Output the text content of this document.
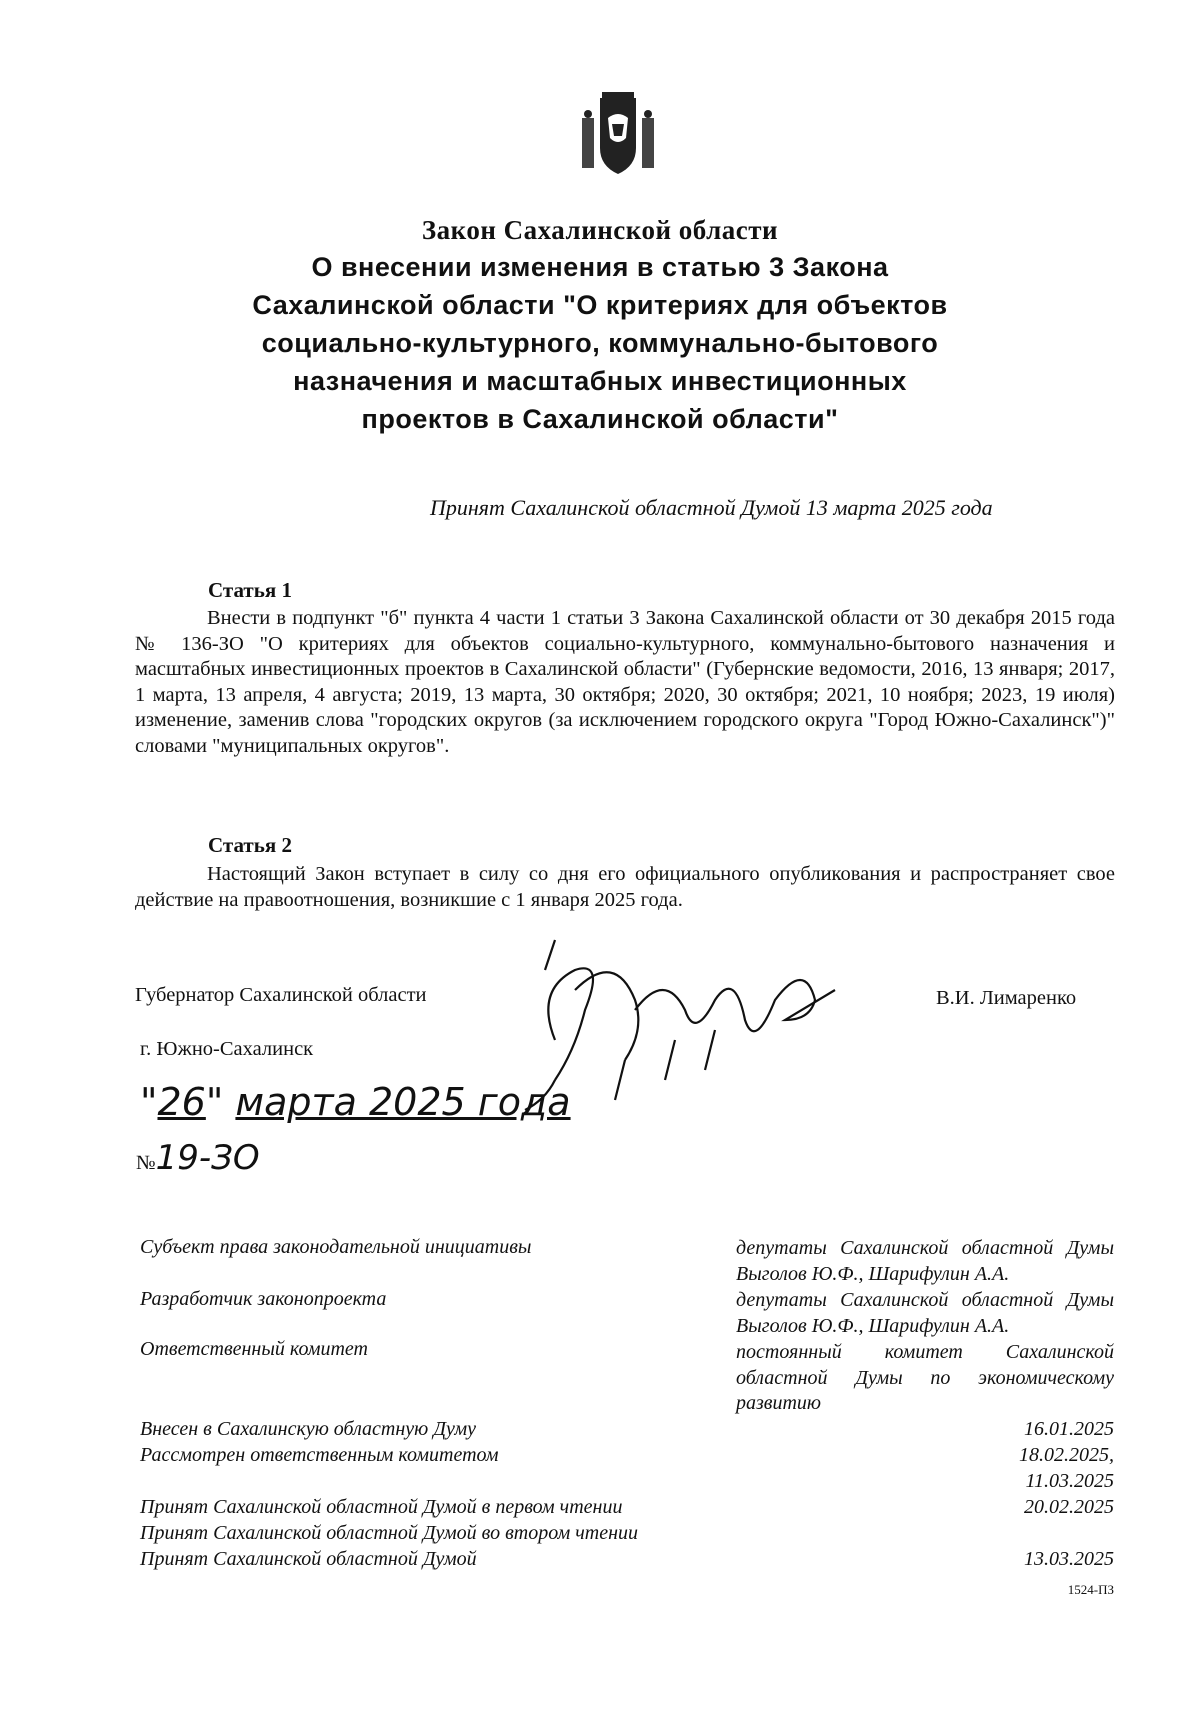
Закон Сахалинской области
О внесении изменения в статью 3 Закона
Сахалинской области "О критериях для объектов
социально-культурного, коммунально-бытового
назначения и масштабных инвестиционных
проектов в Сахалинской области"
Принят Сахалинской областной Думой 13 марта 2025 года
Статья 1
Внести в подпункт "б" пункта 4 части 1 статьи 3 Закона Сахалинской области от 30 декабря 2015 года № 136-ЗО "О критериях для объектов социально-культурного, коммунально-бытового назначения и масштабных инвестиционных проектов в Сахалинской области" (Губернские ведомости, 2016, 13 января; 2017, 1 марта, 13 апреля, 4 августа; 2019, 13 марта, 30 октября; 2020, 30 октября; 2021, 10 ноября; 2023, 19 июля) изменение, заменив слова "городских округов (за исключением городского округа "Город Южно-Сахалинск")" словами "муниципальных округов".
Статья 2
Настоящий Закон вступает в силу со дня его официального опубликования и распространяет свое действие на правоотношения, возникшие с 1 января 2025 года.
Губернатор Сахалинской области	В.И. Лимаренко
г. Южно-Сахалинск
"26" марта 2025 года
№19-ЗО
Субъект права законодательной инициативы	депутаты Сахалинской областной Думы Выголов Ю.Ф., Шарифулин А.А.
Разработчик законопроекта	депутаты Сахалинской областной Думы Выголов Ю.Ф., Шарифулин А.А.
Ответственный комитет	постоянный комитет Сахалинской областной Думы по экономическому развитию
Внесен в Сахалинскую областную Думу	16.01.2025
Рассмотрен ответственным комитетом	18.02.2025,
11.03.2025
Принят Сахалинской областной Думой в первом чтении	20.02.2025
Принят Сахалинской областной Думой во втором чтении
Принят Сахалинской областной Думой	13.03.2025
1524-ПЗ
